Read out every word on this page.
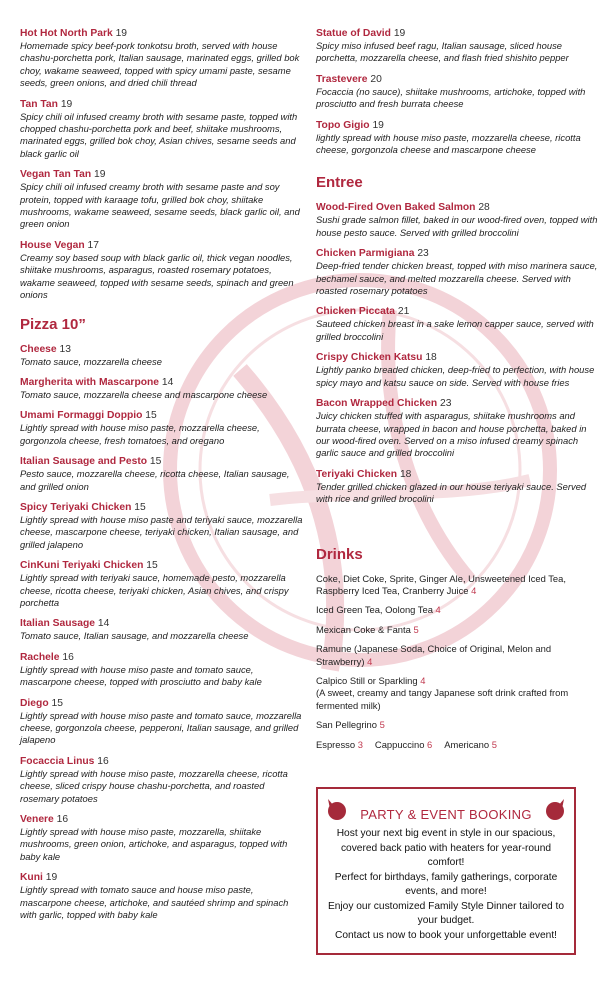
Hot Hot North Park 19
Homemade spicy beef-pork tonkotsu broth, served with house chashu-porchetta pork, Italian sausage, marinated eggs, grilled bok choy, wakame seaweed, topped with spicy umami paste, sesame seeds, green onions, and dried chili thread
Tan Tan 19
Spicy chili oil infused creamy broth with sesame paste, topped with chopped chashu-porchetta pork and beef, shiitake mushrooms, marinated eggs, grilled bok choy, Asian chives, sesame seeds and black garlic oil
Vegan Tan Tan 19
Spicy chili oil infused creamy broth with sesame paste and soy protein, topped with karaage tofu, grilled bok choy, shiitake mushrooms, wakame seaweed, sesame seeds, black garlic oil, and green onion
House Vegan 17
Creamy soy based soup with black garlic oil, thick vegan noodles, shiitake mushrooms, asparagus, roasted rosemary potatoes, wakame seaweed, topped with sesame seeds, spinach and green onions
Pizza 10”
Cheese 13
Tomato sauce, mozzarella cheese
Margherita with Mascarpone 14
Tomato sauce, mozzarella cheese and mascarpone cheese
Umami Formaggi Doppio 15
Lightly spread with house miso paste, mozzarella cheese, gorgonzola cheese, fresh tomatoes, and oregano
Italian Sausage and Pesto 15
Pesto sauce, mozzarella cheese, ricotta cheese, Italian sausage, and grilled onion
Spicy Teriyaki Chicken 15
Lightly spread with house miso paste and teriyaki sauce, mozzarella cheese, mascarpone cheese, teriyaki chicken, Italian sausage, and grilled jalapeno
CinKuni Teriyaki Chicken 15
Lightly spread with teriyaki sauce, homemade pesto, mozzarella cheese, ricotta cheese, teriyaki chicken, Asian chives, and crispy porchetta
Italian Sausage 14
Tomato sauce, Italian sausage, and mozzarella cheese
Rachele 16
Lightly spread with house miso paste and tomato sauce, mascarpone cheese, topped with prosciutto and baby kale
Diego 15
Lightly spread with house miso paste and tomato sauce, mozzarella cheese, gorgonzola cheese, pepperoni, Italian sausage, and grilled jalapeno
Focaccia Linus 16
Lightly spread with house miso paste, mozzarella cheese, ricotta cheese, sliced crispy house chashu-porchetta, and roasted rosemary potatoes
Venere 16
Lightly spread with house miso paste, mozzarella, shiitake mushrooms, green onion, artichoke, and asparagus, topped with baby kale
Kuni 19
Lightly spread with tomato sauce and house miso paste, mascarpone cheese, artichoke, and sautéed shrimp and spinach with garlic, topped with baby kale
Statue of David 19
Spicy miso infused beef ragu, Italian sausage, sliced house porchetta, mozzarella cheese, and flash fried shishito pepper
Trastevere 20
Focaccia (no sauce), shiitake mushrooms, artichoke, topped with prosciutto and fresh burrata cheese
Topo Gigio 19
lightly spread with house miso paste, mozzarella cheese, ricotta cheese, gorgonzola cheese and mascarpone cheese
Entree
Wood-Fired Oven Baked Salmon 28
Sushi grade salmon fillet, baked in our wood-fired oven, topped with house pesto sauce. Served with grilled broccolini
Chicken Parmigiana 23
Deep-fried tender chicken breast, topped with miso marinera sauce, bechamel sauce, and melted mozzarella cheese. Served with roasted rosemary potatoes
Chicken Piccata 21
Sauteed chicken breast in a sake lemon capper sauce, served with grilled broccolini
Crispy Chicken Katsu 18
Lightly panko breaded chicken, deep-fried to perfection, with house spicy mayo and katsu sauce on side. Served with house fries
Bacon Wrapped Chicken 23
Juicy chicken stuffed with asparagus, shiitake mushrooms and burrata cheese, wrapped in bacon and house porchetta, baked in our wood-fired oven. Served on a miso infused creamy spinach garlic sauce and grilled broccolini
Teriyaki Chicken 18
Tender grilled chicken glazed in our house teriyaki sauce. Served with rice and grilled brocolini
Drinks
Coke, Diet Coke, Sprite, Ginger Ale, Unsweetened Iced Tea, Raspberry Iced Tea, Cranberry Juice 4
Iced Green Tea, Oolong Tea 4
Mexican Coke & Fanta 5
Ramune (Japanese Soda, Choice of Original, Melon and Strawberry) 4
Calpico Still or Sparkling 4
(A sweet, creamy and tangy Japanese soft drink crafted from fermented milk)
San Pellegrino 5
Espresso 3 Cappuccino 6 Americano 5
PARTY & EVENT BOOKING
Host your next big event in style in our spacious, covered back patio with heaters for year-round comfort!
Perfect for birthdays, family gatherings, corporate events, and more!
Enjoy our customized Family Style Dinner tailored to your budget.
Contact us now to book your unforgettable event!
